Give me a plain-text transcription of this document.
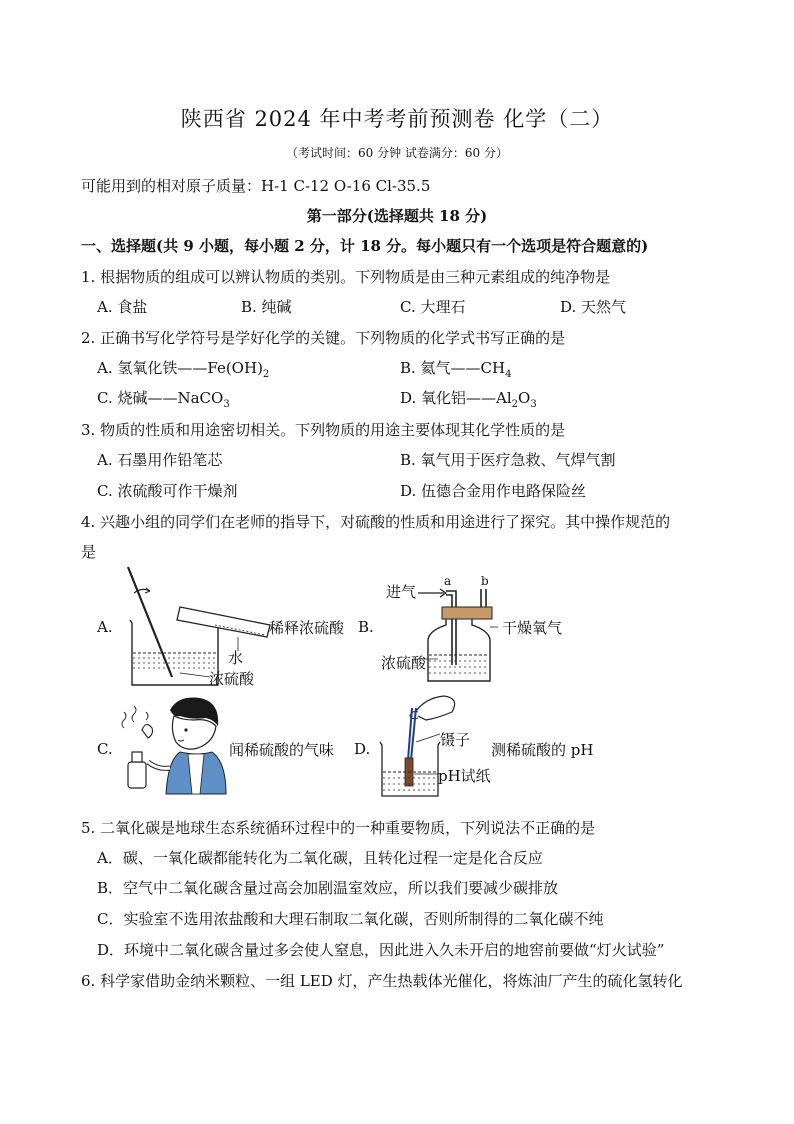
陕西省 2024 年中考考前预测卷 化学（二）
（考试时间：60 分钟 试卷满分：60 分）
可能用到的相对原子质量：H-1 C-12 O-16 Cl-35.5
第一部分(选择题共 18 分)
一、选择题(共 9 小题，每小题 2 分，计 18 分。每小题只有一个选项是符合题意的)
1. 根据物质的组成可以辨认物质的类别。下列物质是由三种元素组成的纯净物是
A. 食盐	B. 纯碱	C. 大理石	D. 天然气
2. 正确书写化学符号是学好化学的关键。下列物质的化学式书写正确的是
A. 氢氧化铁$——Fe(OH)_2$	B. 氦气$——CH_4$
C. 烧碱——NaCO$_3$	D. 氧化铝$——Al_2O_3$
3. 物质的性质和用途密切相关。下列物质的用途主要体现其化学性质的是
A. 石墨用作铅笔芯	B. 氧气用于医疗急救、气焊气割
C. 浓硫酸可作干燥剂	D. 伍德合金用作电路保险丝
4. 兴趣小组的同学们在老师的指导下，对硫酸的性质和用途进行了探究。其中操作规范的
是
A.	稀释浓硫酸
水
浓硫酸
B.
进气
a b
干燥氧气
浓硫酸
C.	闻稀硫酸的气味 D.	镊子
测稀硫酸的 pH
pH试纸
5. 二氧化碳是地球生态系统循环过程中的一种重要物质，下列说法不正确的是
A．碳、一氧化碳都能转化为二氧化碳，且转化过程一定是化合反应
B．空气中二氧化碳含量过高会加剧温室效应，所以我们要减少碳排放
C．实验室不选用浓盐酸和大理石制取二氧化碳，否则所制得的二氧化碳不纯
D．环境中二氧化碳含量过多会使人窒息，因此进入久未开启的地窖前要做“灯火试验”
6. 科学家借助金纳米颗粒、一组 LED 灯，产生热载体光催化，将炼油厂产生的硫化氢转化
